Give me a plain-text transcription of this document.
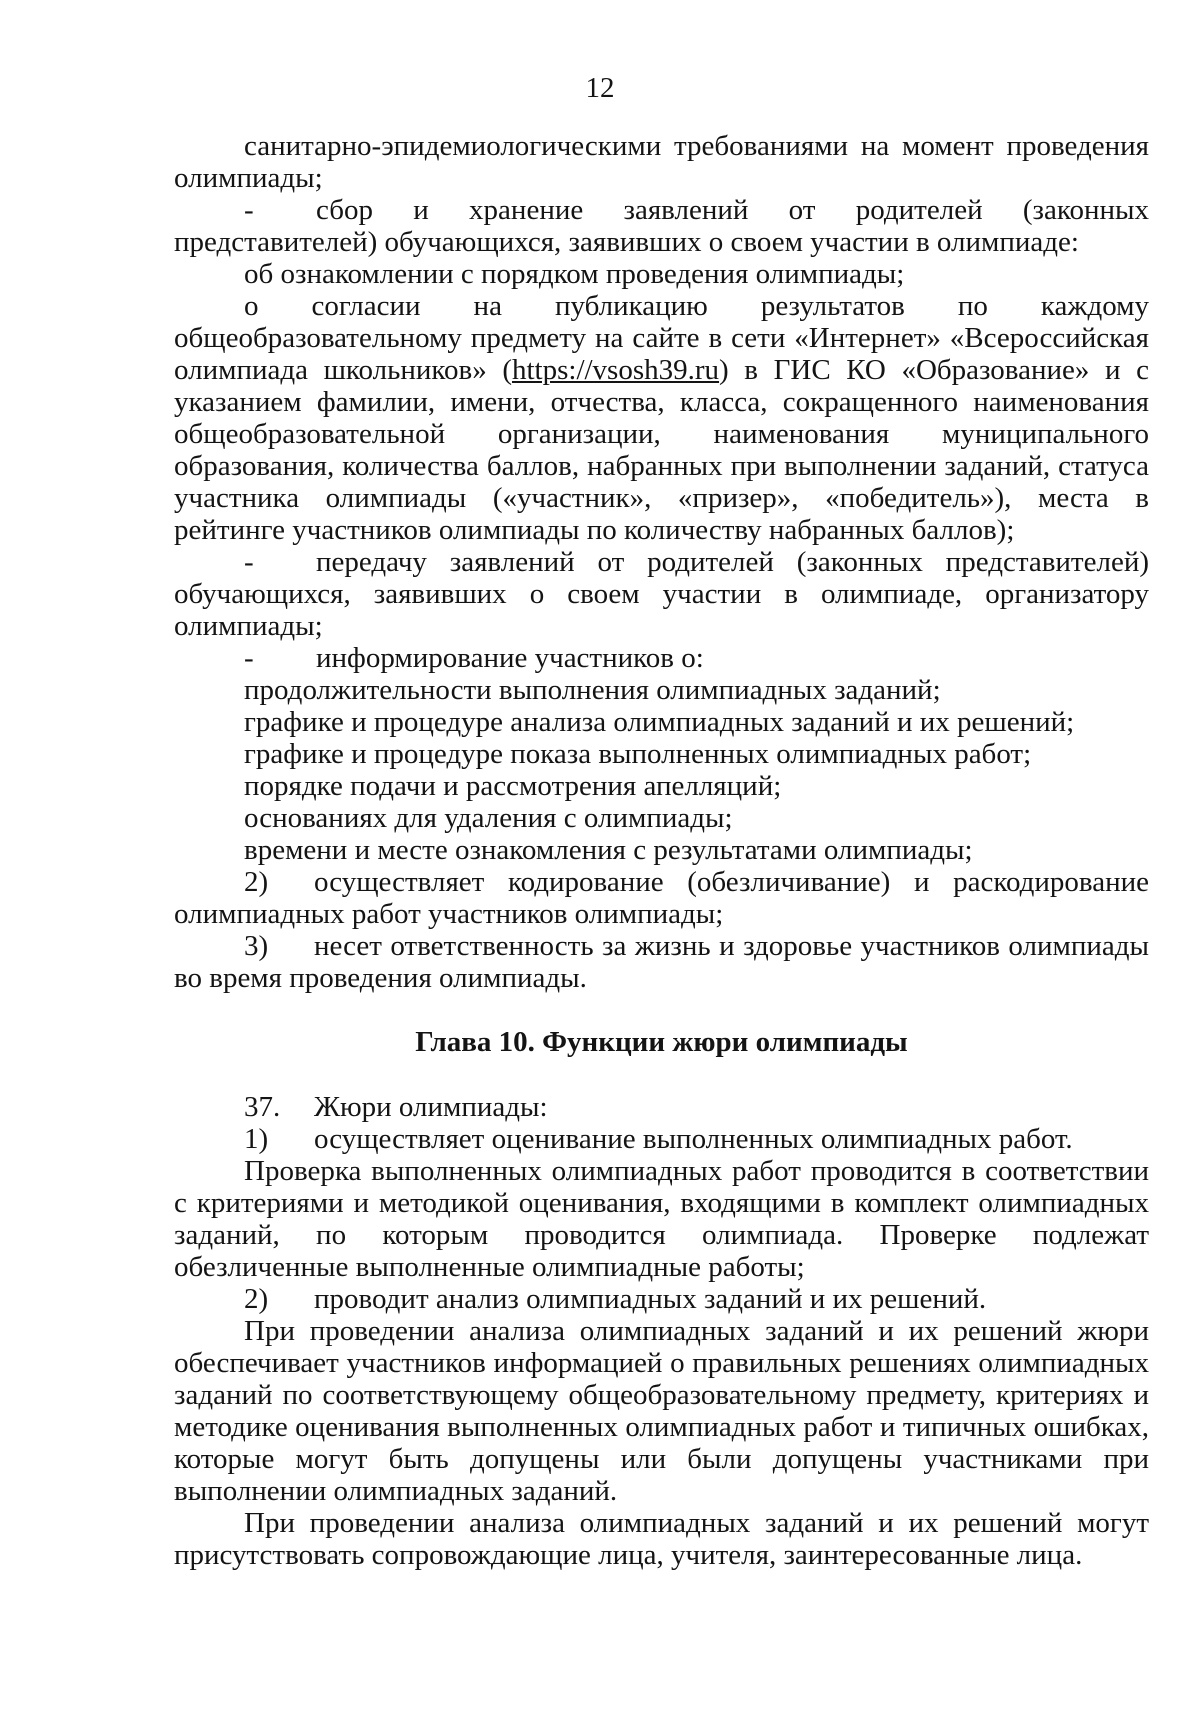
12

санитарно-эпидемиологическими требованиями на момент проведения олимпиады;

- сбор и хранение заявлений от родителей (законных представителей) обучающихся, заявивших о своем участии в олимпиаде:

об ознакомлении с порядком проведения олимпиады;

о согласии на публикацию результатов по каждому общеобразовательному предмету на сайте в сети «Интернет» «Всероссийская олимпиада школьников» (https://vsosh39.ru) в ГИС КО «Образование» и с указанием фамилии, имени, отчества, класса, сокращенного наименования общеобразовательной организации, наименования муниципального образования, количества баллов, набранных при выполнении заданий, статуса участника олимпиады («участник», «призер», «победитель»), места в рейтинге участников олимпиады по количеству набранных баллов);

- передачу заявлений от родителей (законных представителей) обучающихся, заявивших о своем участии в олимпиаде, организатору олимпиады;

- информирование участников о:

продолжительности выполнения олимпиадных заданий;

графике и процедуре анализа олимпиадных заданий и их решений;

графике и процедуре показа выполненных олимпиадных работ;

порядке подачи и рассмотрения апелляций;

основаниях для удаления с олимпиады;

времени и месте ознакомления с результатами олимпиады;

2) осуществляет кодирование (обезличивание) и раскодирование олимпиадных работ участников олимпиады;

3) несет ответственность за жизнь и здоровье участников олимпиады во время проведения олимпиады.

Глава 10. Функции жюри олимпиады

37. Жюри олимпиады:

1) осуществляет оценивание выполненных олимпиадных работ.

Проверка выполненных олимпиадных работ проводится в соответствии с критериями и методикой оценивания, входящими в комплект олимпиадных заданий, по которым проводится олимпиада. Проверке подлежат обезличенные выполненные олимпиадные работы;

2) проводит анализ олимпиадных заданий и их решений.

При проведении анализа олимпиадных заданий и их решений жюри обеспечивает участников информацией о правильных решениях олимпиадных заданий по соответствующему общеобразовательному предмету, критериях и методике оценивания выполненных олимпиадных работ и типичных ошибках, которые могут быть допущены или были допущены участниками при выполнении олимпиадных заданий.

При проведении анализа олимпиадных заданий и их решений могут присутствовать сопровождающие лица, учителя, заинтересованные лица.
